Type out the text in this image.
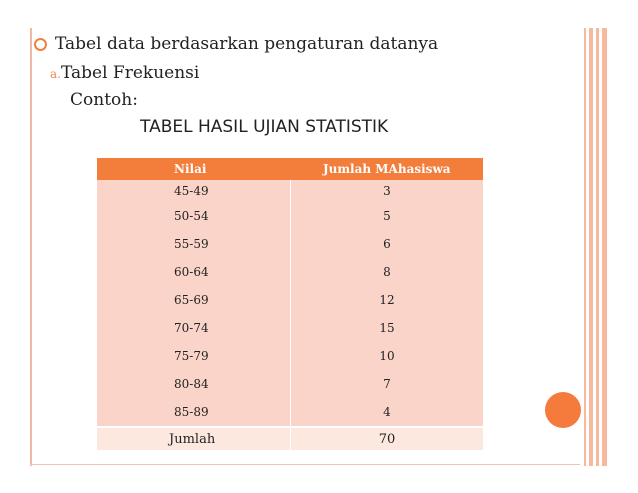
Tabel data berdasarkan pengaturan datanya
a.Tabel Frekuensi
Contoh:
TABEL HASIL UJIAN STATISTIK
Nilai	Jumlah MAhasiswa
45-49	3
50-54	5
55-59	6
60-64	8
65-69	12
70-74	15
75-79	10
80-84	7
85-89	4
Jumlah	70
